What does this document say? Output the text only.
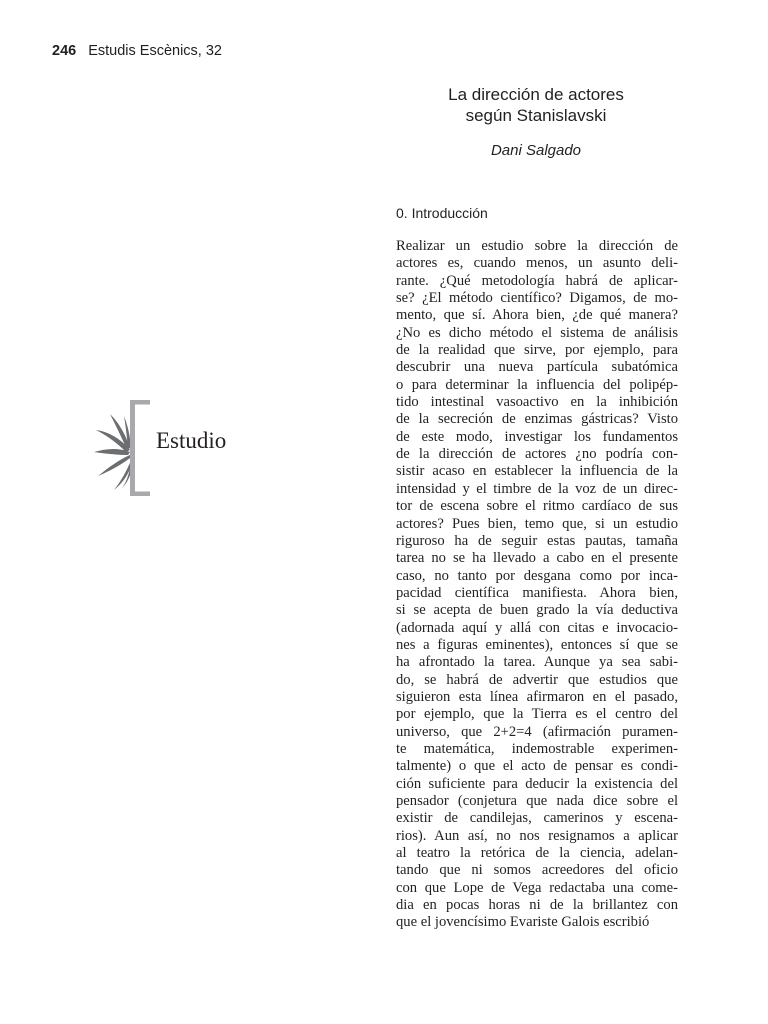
246 Estudis Escènics, 32
La dirección de actores
según Stanislavski
Dani Salgado
0. Introducción
Realizar un estudio sobre la dirección de
actores es, cuando menos, un asunto deli-
rante. ¿Qué metodología habrá de aplicar-
se? ¿El método científico? Digamos, de mo-
mento, que sí. Ahora bien, ¿de qué manera?
¿No es dicho método el sistema de análisis
de la realidad que sirve, por ejemplo, para
descubrir una nueva partícula subatómica
o para determinar la influencia del polipép-
tido intestinal vasoactivo en la inhibición
de la secreción de enzimas gástricas? Visto
de este modo, investigar los fundamentos
de la dirección de actores ¿no podría con-
sistir acaso en establecer la influencia de la
intensidad y el timbre de la voz de un direc-
tor de escena sobre el ritmo cardíaco de sus
actores? Pues bien, temo que, si un estudio
riguroso ha de seguir estas pautas, tamaña
tarea no se ha llevado a cabo en el presente
caso, no tanto por desgana como por inca-
pacidad científica manifiesta. Ahora bien,
si se acepta de buen grado la vía deductiva
(adornada aquí y allá con citas e invocacio-
nes a figuras eminentes), entonces sí que se
ha afrontado la tarea. Aunque ya sea sabi-
do, se habrá de advertir que estudios que
siguieron esta línea afirmaron en el pasado,
por ejemplo, que la Tierra es el centro del
universo, que 2+2=4 (afirmación puramen-
te matemática, indemostrable experimen-
talmente) o que el acto de pensar es condi-
ción suficiente para deducir la existencia del
pensador (conjetura que nada dice sobre el
existir de candilejas, camerinos y escena-
rios). Aun así, no nos resignamos a aplicar
al teatro la retórica de la ciencia, adelan-
tando que ni somos acreedores del oficio
con que Lope de Vega redactaba una come-
dia en pocas horas ni de la brillantez con
que el jovencísimo Evariste Galois escribió
Estudio
